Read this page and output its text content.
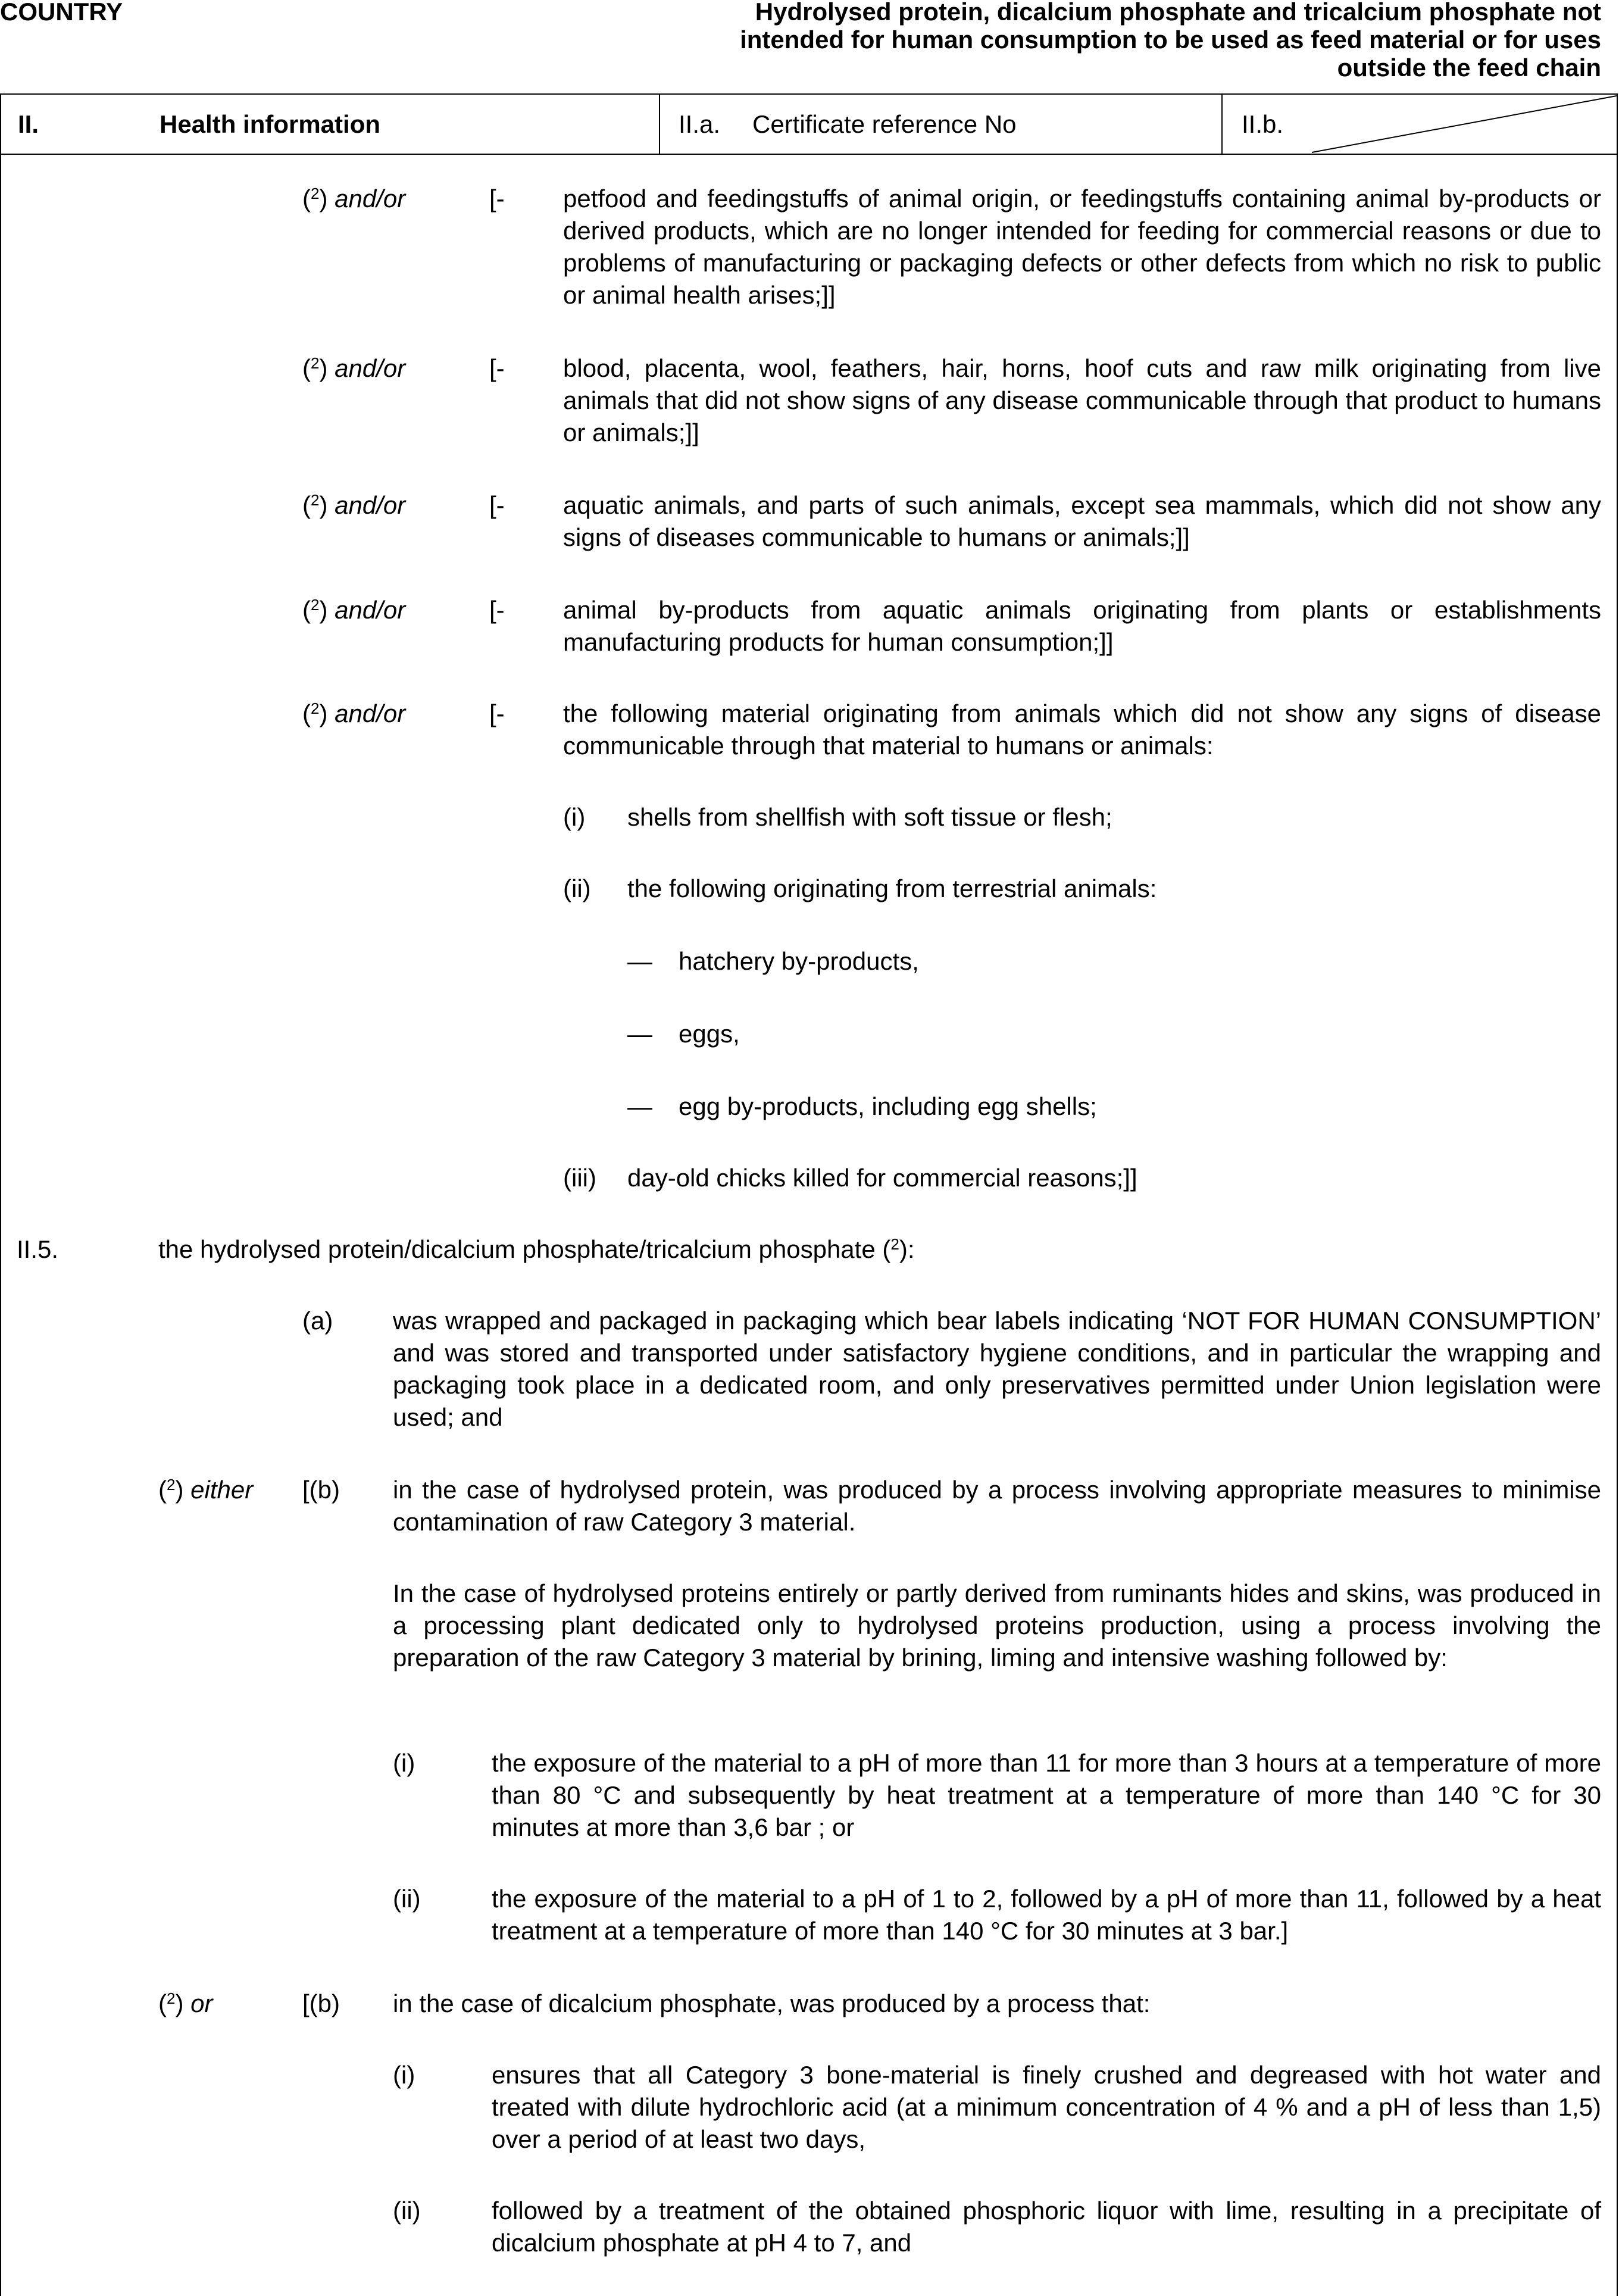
COUNTRY	Hydrolysed protein, dicalcium phosphate and tricalcium phosphate not intended for human consumption to be used as feed material or for uses outside the feed chain
II.	Health information	II.a. Certificate reference No	II.b.
($^2$) and/or	[- petfood and feedingstuffs of animal origin, or feedingstuffs containing animal by-products or derived products, which are no longer intended for feeding for commercial reasons or due to problems of manufacturing or packaging defects or other defects from which no risk to public or animal health arises;]]
($^2$) and/or	[- blood, placenta, wool, feathers, hair, horns, hoof cuts and raw milk originating from live animals that did not show signs of any disease communicable through that product to humans or animals;]]
($^2$) and/or	[- aquatic animals, and parts of such animals, except sea mammals, which did not show any signs of diseases communicable to humans or animals;]]
($^2$) and/or	[- animal by-products from aquatic animals originating from plants or establishments manufacturing products for human consumption;]]
($^2$) and/or	[- the following material originating from animals which did not show any signs of disease communicable through that material to humans or animals:
(i) shells from shellfish with soft tissue or flesh;
(ii) the following originating from terrestrial animals:
— hatchery by-products,
— eggs,
— egg by-products, including egg shells;
(iii) day-old chicks killed for commercial reasons;]]
II.5.	the hydrolysed protein/dicalcium phosphate/tricalcium phosphate ($^2$):
(a) was wrapped and packaged in packaging which bear labels indicating ‘NOT FOR HUMAN CONSUMPTION’ and was stored and transported under satisfactory hygiene conditions, and in particular the wrapping and packaging took place in a dedicated room, and only preservatives permitted under Union legislation were used; and
($^2$) either [(b) in the case of hydrolysed protein, was produced by a process involving appropriate measures to minimise contamination of raw Category 3 material.
In the case of hydrolysed proteins entirely or partly derived from ruminants hides and skins, was produced in a processing plant dedicated only to hydrolysed proteins production, using a process involving the preparation of the raw Category 3 material by brining, liming and intensive washing followed by:
(i)	the exposure of the material to a pH of more than 11 for more than 3 hours at a temperature of more than 80 °C and subsequently by heat treatment at a temperature of more than 140 °C for 30 minutes at more than 3,6 bar ; or
(ii)	the exposure of the material to a pH of 1 to 2, followed by a pH of more than 11, followed by a heat treatment at a temperature of more than 140 °C for 30 minutes at 3 bar.]
($^2$) or	[(b) in the case of dicalcium phosphate, was produced by a process that:
(i)	ensures that all Category 3 bone-material is finely crushed and degreased with hot water and treated with dilute hydrochloric acid (at a minimum concentration of 4 % and a pH of less than 1,5) over a period of at least two days,
(ii)	followed by a treatment of the obtained phosphoric liquor with lime, resulting in a precipitate of dicalcium phosphate at pH 4 to 7, and
